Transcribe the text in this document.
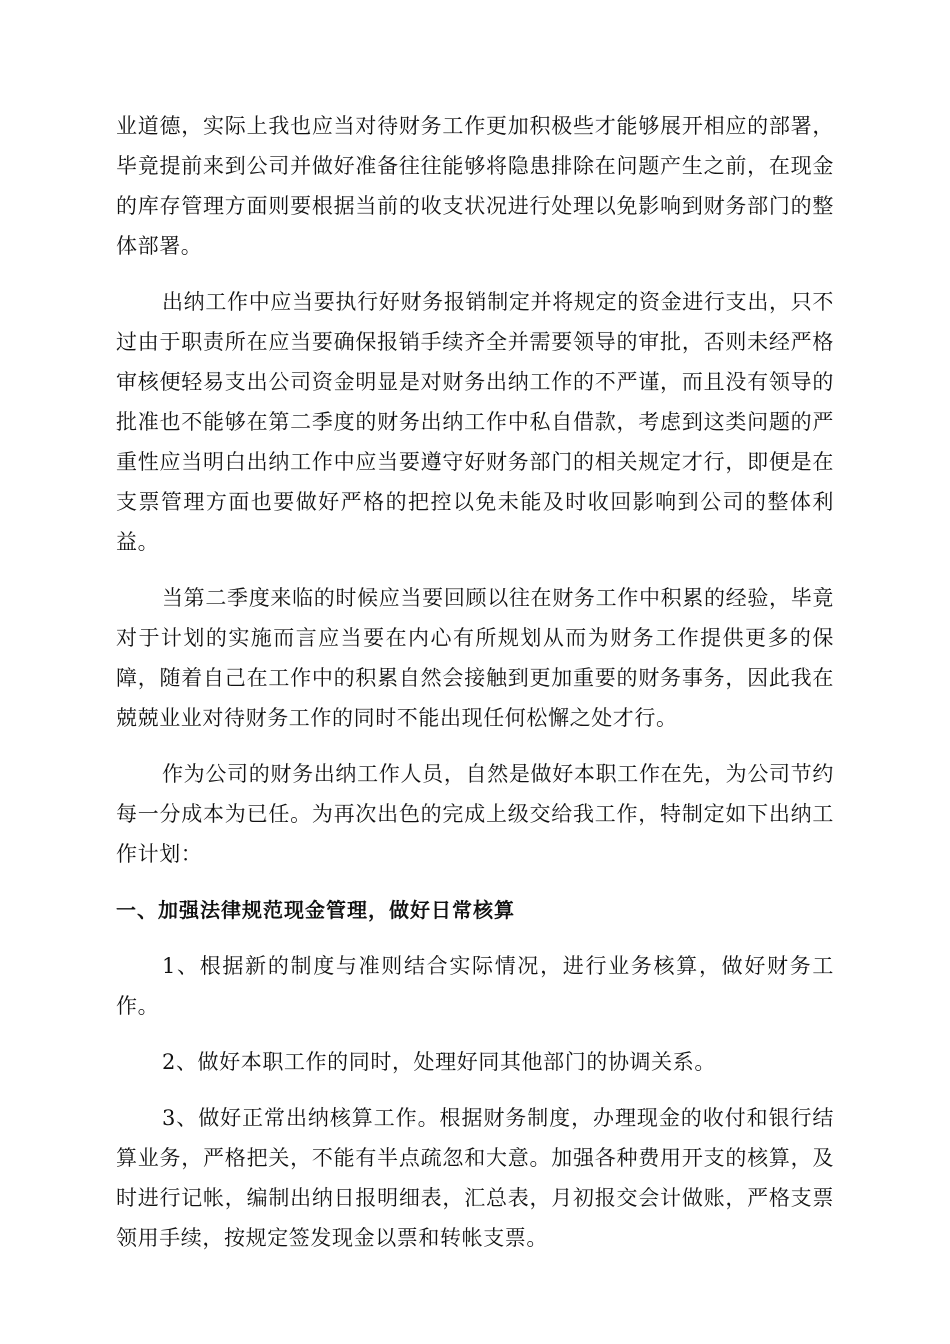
业道德，实际上我也应当对待财务工作更加积极些才能够展开相应的部署，毕竟提前来到公司并做好准备往往能够将隐患排除在问题产生之前，在现金的库存管理方面则要根据当前的收支状况进行处理以免影响到财务部门的整体部署。

出纳工作中应当要执行好财务报销制定并将规定的资金进行支出，只不过由于职责所在应当要确保报销手续齐全并需要领导的审批，否则未经严格审核便轻易支出公司资金明显是对财务出纳工作的不严谨，而且没有领导的批准也不能够在第二季度的财务出纳工作中私自借款，考虑到这类问题的严重性应当明白出纳工作中应当要遵守好财务部门的相关规定才行，即便是在支票管理方面也要做好严格的把控以免未能及时收回影响到公司的整体利益。

当第二季度来临的时候应当要回顾以往在财务工作中积累的经验，毕竟对于计划的实施而言应当要在内心有所规划从而为财务工作提供更多的保障，随着自己在工作中的积累自然会接触到更加重要的财务事务，因此我在兢兢业业对待财务工作的同时不能出现任何松懈之处才行。

作为公司的财务出纳工作人员，自然是做好本职工作在先，为公司节约每一分成本为已任。为再次出色的完成上级交给我工作，特制定如下出纳工作计划：

一、加强法律规范现金管理，做好日常核算

1、根据新的制度与准则结合实际情况，进行业务核算，做好财务工作。

2、做好本职工作的同时，处理好同其他部门的协调关系。

3、做好正常出纳核算工作。根据财务制度，办理现金的收付和银行结算业务，严格把关，不能有半点疏忽和大意。加强各种费用开支的核算，及时进行记帐，编制出纳日报明细表，汇总表，月初报交会计做账，严格支票领用手续，按规定签发现金以票和转帐支票。
